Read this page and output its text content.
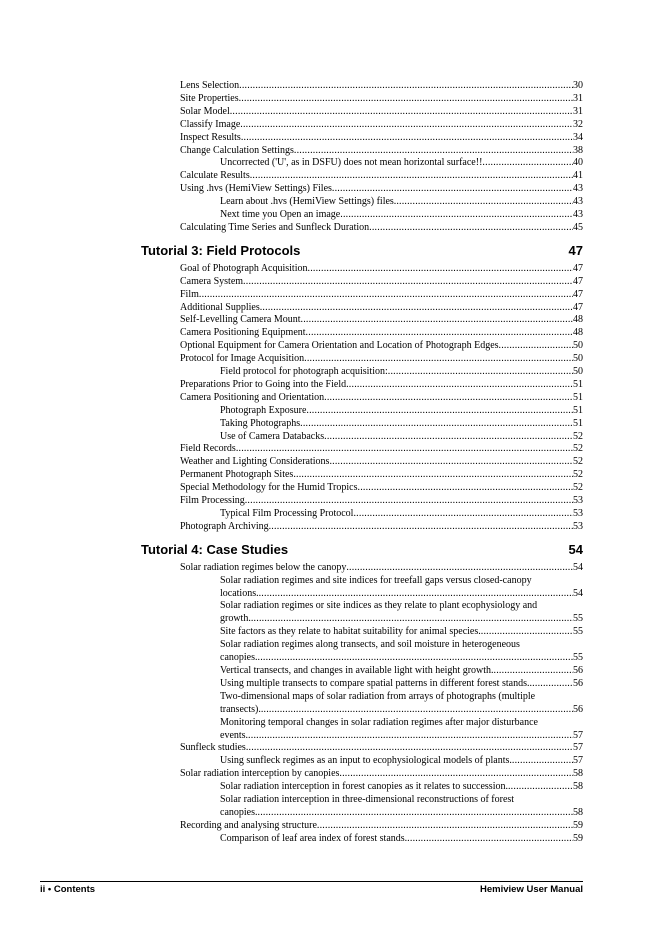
Lens Selection .....	30
Site Properties .....	31
Solar Model .....	31
Classify Image .....	32
Inspect Results .....	34
Change Calculation Settings .....	38
Uncorrected ('U', as in DSFU) does not mean horizontal surface!! .....	40
Calculate Results .....	41
Using .hvs (HemiView Settings) Files .....	43
Learn about .hvs (HemiView Settings) files. .....	43
Next time you Open an image .....	43
Calculating Time Series and Sunfleck Duration .....	45
Tutorial 3: Field Protocols	47
Goal of Photograph Acquisition .....	47
Camera System .....	47
Film .....	47
Additional Supplies .....	47
Self-Levelling Camera Mount .....	48
Camera Positioning Equipment .....	48
Optional Equipment for Camera Orientation and Location of Photograph Edges .....	50
Protocol for Image Acquisition .....	50
Field protocol for photograph acquisition: .....	50
Preparations Prior to Going into the Field .....	51
Camera Positioning and Orientation .....	51
Photograph Exposure .....	51
Taking Photographs .....	51
Use of Camera Databacks .....	52
Field Records .....	52
Weather and Lighting Considerations .....	52
Permanent Photograph Sites .....	52
Special Methodology for the Humid Tropics .....	52
Film Processing .....	53
Typical Film Processing Protocol .....	53
Photograph Archiving .....	53
Tutorial 4: Case Studies	54
Solar radiation regimes below the canopy .....	54
Solar radiation regimes and site indices for treefall gaps versus closed-canopy
locations. .....	54
Solar radiation regimes or site indices as they relate to plant ecophysiology and
growth. .....	55
Site factors as they relate to habitat suitability for animal species. .....	55
Solar radiation regimes along transects, and soil moisture in heterogeneous
canopies. .....	55
Vertical transects, and changes in available light with height growth. .....	56
Using multiple transects to compare spatial patterns in different forest stands. .....	56
Two-dimensional maps of solar radiation from arrays of photographs (multiple
transects). .....	56
Monitoring temporal changes in solar radiation regimes after major disturbance
events. .....	57
Sunfleck studies .....	57
Using sunfleck regimes as an input to ecophysiological models of plants. .....	57
Solar radiation interception by canopies .....	58
Solar radiation interception in forest canopies as it relates to succession. .....	58
Solar radiation interception in three-dimensional reconstructions of forest
canopies. .....	58
Recording and analysing structure .....	59
Comparison of leaf area index of forest stands. .....	59
ii • Contents	Hemiview User Manual
